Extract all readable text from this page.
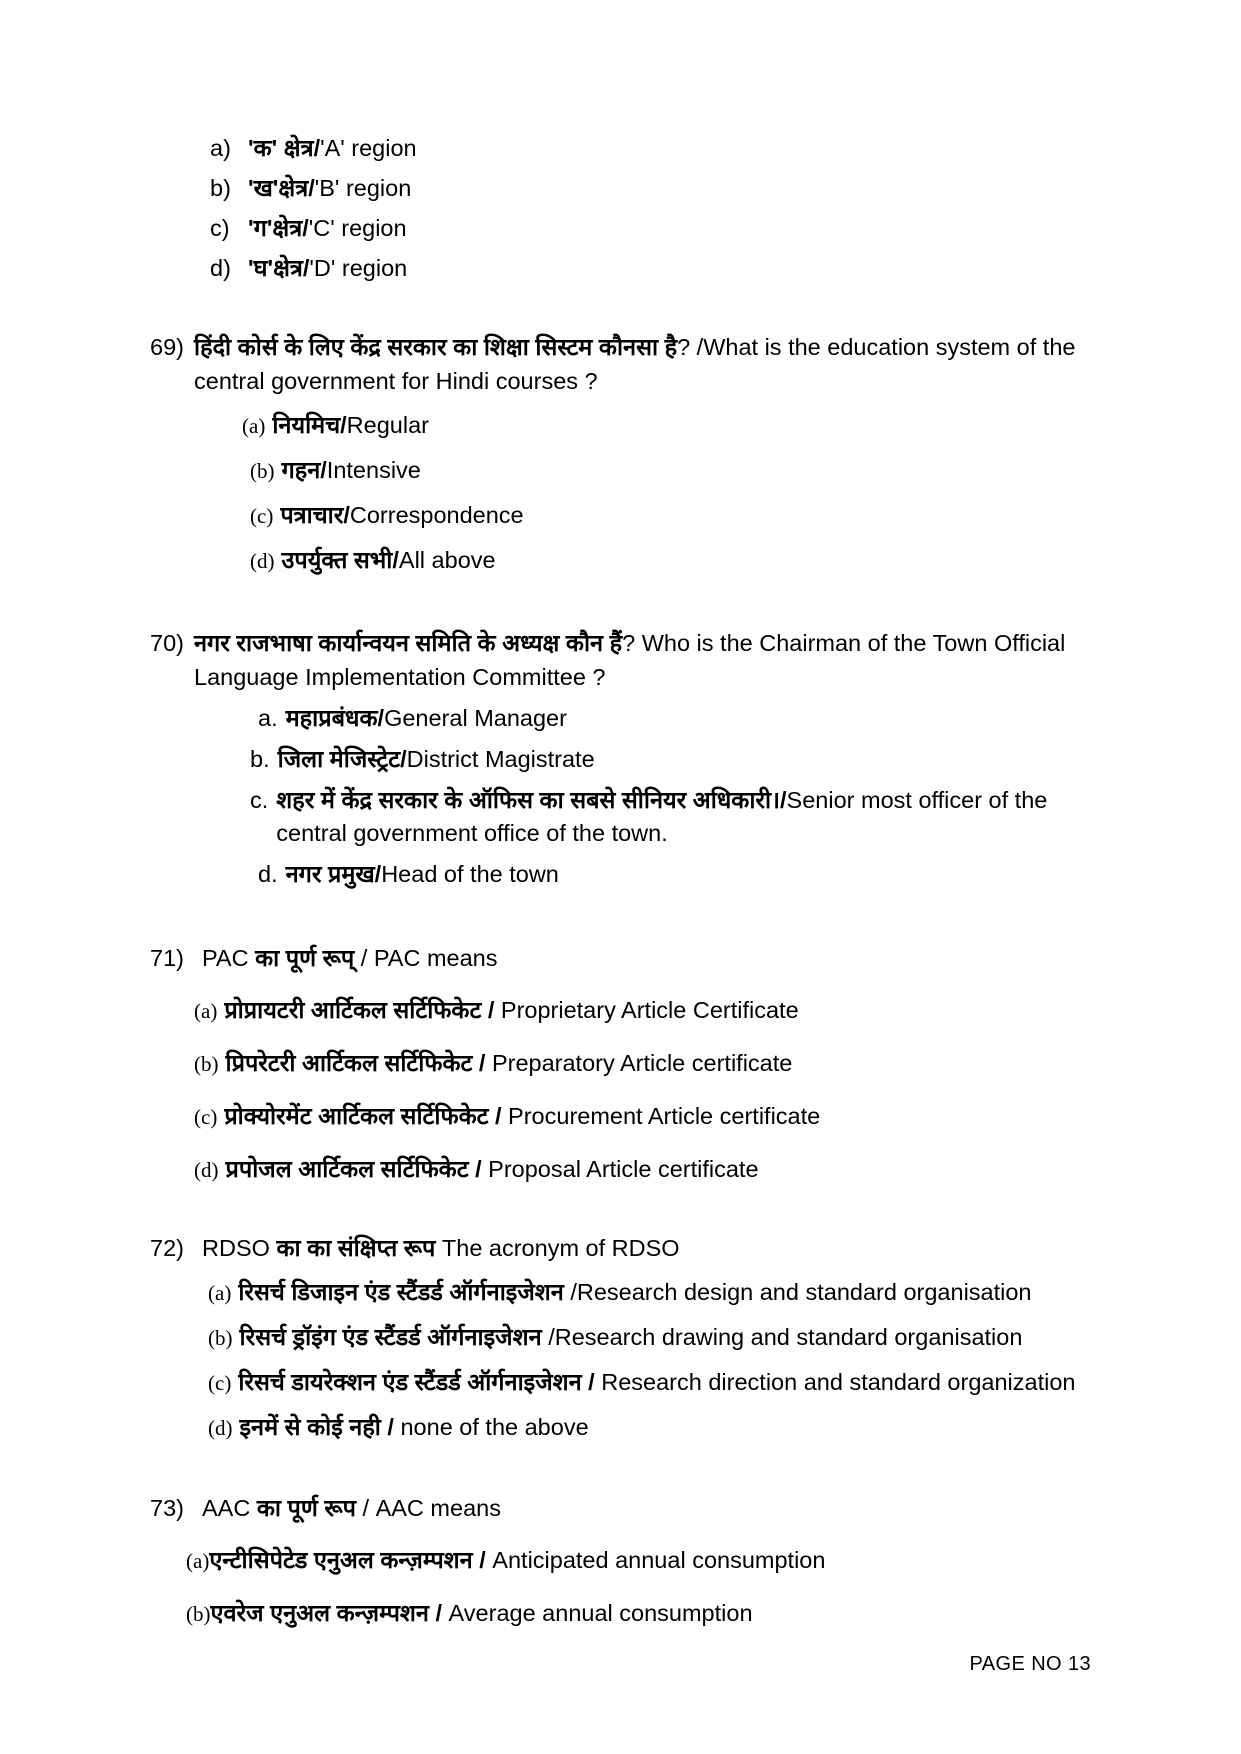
a) 'क' क्षेत्र/'A' region
b) 'ख'क्षेत्र/'B' region
c) 'ग'क्षेत्र/'C' region
d) 'घ'क्षेत्र/'D' region
69) हिंदी कोर्स के लिए केंद्र सरकार का शिक्षा सिस्टम कौनसा है? /What is the education system of the central government for Hindi courses ?
(a) नियमिच/Regular
(b) गहन/Intensive
(c) पत्राचार/Correspondence
(d) उपर्युक्त सभी/All above
70) नगर राजभाषा कार्यान्वयन समिति के अध्यक्ष कौन हैं? Who is the Chairman of the Town Official Language Implementation Committee ?
a. महाप्रबंधक/General Manager
b. जिला मेजिस्ट्रेट/District Magistrate
c. शहर में केंद्र सरकार के ऑफिस का सबसे सीनियर अधिकारी।/Senior most officer of the central government office of the town.
d. नगर प्रमुख/Head of the town
71) PAC का पूर्ण रूप् / PAC means
(a) प्रोप्रायटरी आर्टिकल सर्टिफिकेट / Proprietary Article Certificate
(b) प्रिपरेटरी आर्टिकल सर्टिफिकेट / Preparatory Article certificate
(c) प्रोक्योरमेंट आर्टिकल सर्टिफिकेट / Procurement Article certificate
(d) प्रपोजल आर्टिकल सर्टिफिकेट / Proposal Article certificate
72) RDSO का का संक्षिप्त रूप The acronym of RDSO
(a) रिसर्च डिजाइन एंड स्टैंडर्ड ऑर्गनाइजेशन /Research design and standard organisation
(b) रिसर्च ड्रॉइंग एंड स्टैंडर्ड ऑर्गनाइजेशन /Research drawing and standard organisation
(c) रिसर्च डायरेक्शन एंड स्टैंडर्ड ऑर्गनाइजेशन / Research direction and standard organization
(d) इनमें से कोई नही / none of the above
73) AAC का पूर्ण रूप / AAC means
(a) एन्टीसिपेटेड एनुअल कन्ज़म्पशन / Anticipated annual consumption
(b) एवरेज एनुअल कन्ज़म्पशन / Average annual consumption
PAGE NO 13
